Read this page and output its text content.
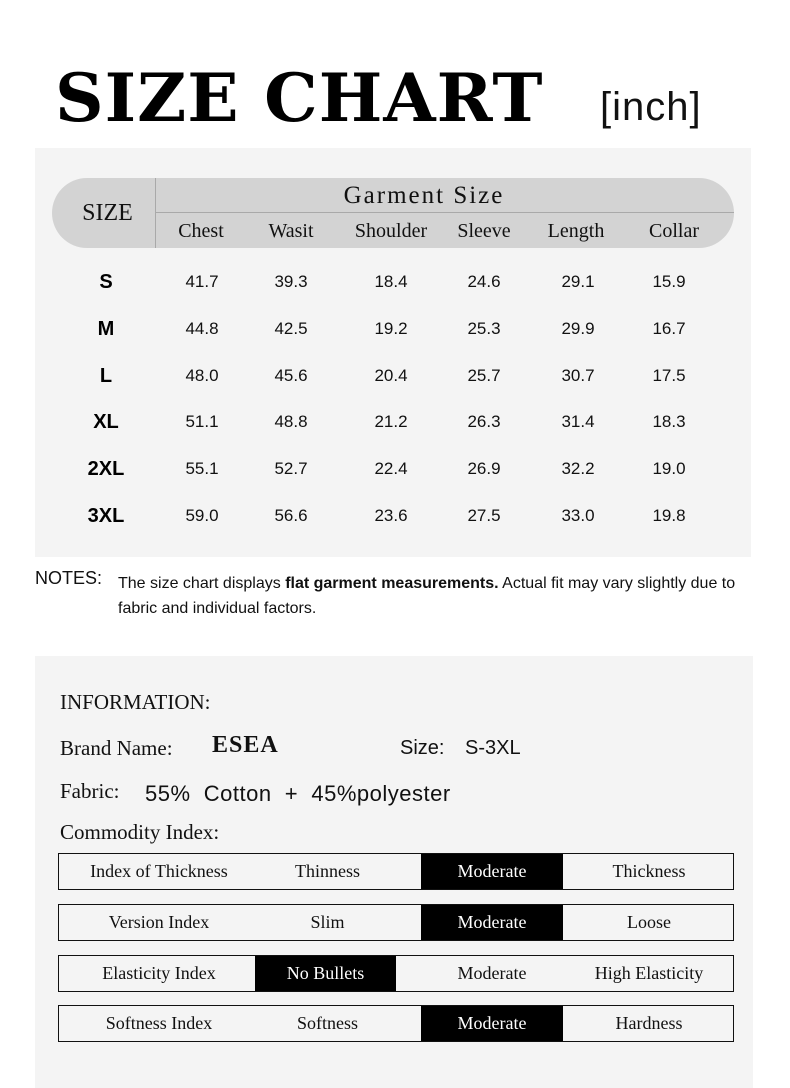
SIZE CHART [inch]
SIZE
Garment Size
Chest	Wasit	Shoulder	Sleeve	Length	Collar
S	41.7	39.3	18.4	24.6	29.1	15.9
M	44.8	42.5	19.2	25.3	29.9	16.7
L	48.0	45.6	20.4	25.7	30.7	17.5
XL	51.1	48.8	21.2	26.3	31.4	18.3
2XL	55.1	52.7	22.4	26.9	32.2	19.0
3XL	59.0	56.6	23.6	27.5	33.0	19.8
NOTES: The size chart displays flat garment measurements. Actual fit may vary slightly due to fabric and individual factors.
INFORMATION:
Brand Name: ESEA	Size: S-3XL
Fabric: 55%  Cotton  +  45%polyester
Commodity Index:
Index of Thickness	Thinness	Moderate	Thickness
Version Index	Slim	Moderate	Loose
Elasticity Index	No Bullets	Moderate	High Elasticity
Softness Index	Softness	Moderate	Hardness
